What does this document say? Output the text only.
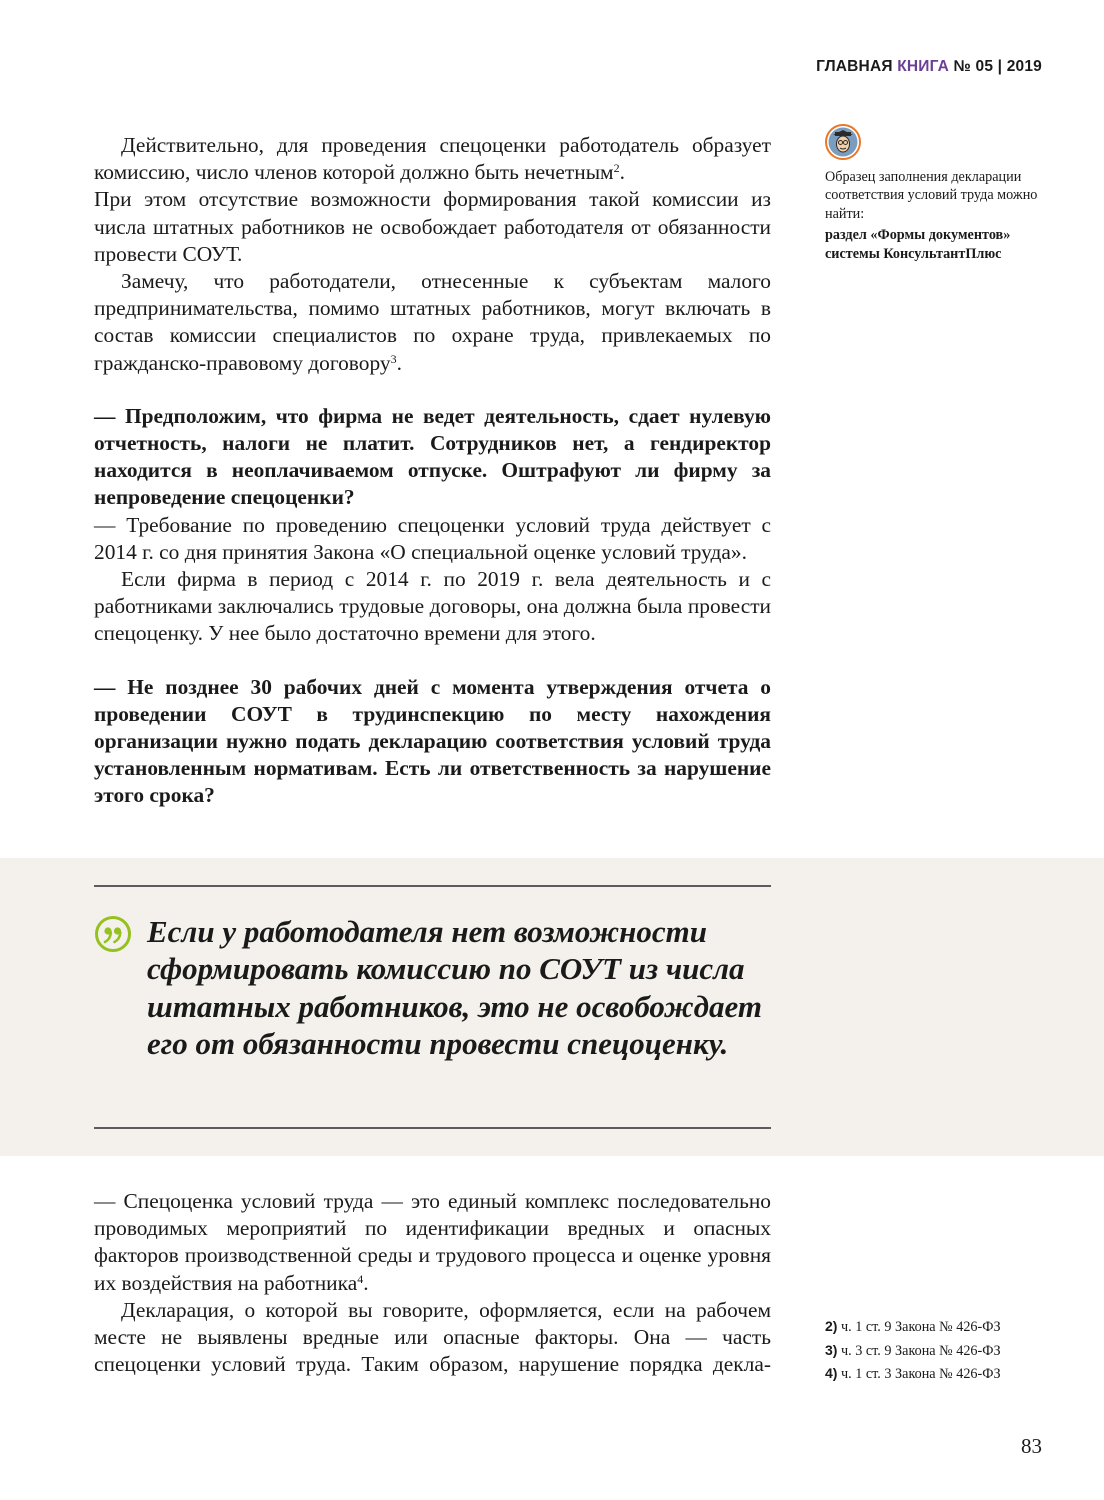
ГЛАВНАЯ КНИГА № 05 | 2019

Действительно, для проведения спецоценки работодатель образует комиссию, число членов которой должно быть нечетным$^2$.

При этом отсутствие возможности формирования такой комиссии из числа штатных работников не освобождает работодателя от обязанности провести СОУТ.

Замечу, что работодатели, отнесенные к субъектам малого предпринимательства, помимо штатных работников, могут включать в состав комиссии специалистов по охране труда, привлекаемых по гражданско-правовому договору$^3$.

— Предположим, что фирма не ведет деятельность, сдает нулевую отчетность, налоги не платит. Сотрудников нет, а гендиректор находится в неоплачиваемом отпуске. Оштрафуют ли фирму за непроведение спецоценки?

— Требование по проведению спецоценки условий труда действует с 2014 г. со дня принятия Закона «О специальной оценке условий труда».

Если фирма в период с 2014 г. по 2019 г. вела деятельность и с работниками заключались трудовые договоры, она должна была провести спецоценку. У нее было достаточно времени для этого.

— Не позднее 30 рабочих дней с момента утверждения отчета о проведении СОУТ в трудинспекцию по месту нахождения организации нужно подать декларацию соответствия условий труда установленным нормативам. Есть ли ответственность за нарушение этого срока?

Образец заполнения декларации соответствия условий труда можно найти:
раздел «Формы документов» системы КонсультантПлюс
Если у работодателя нет возможности сформировать комиссию по СОУТ из числа штатных работников, это не освобождает его от обязанности провести спецоценку.

— Спецоценка условий труда — это единый комплекс последовательно проводимых мероприятий по идентификации вредных и опасных факторов производственной среды и трудового процесса и оценке уровня их воздействия на работника$^4$.

Декларация, о которой вы говорите, оформляется, если на рабочем месте не выявлены вредные или опасные факторы. Она — часть спецоценки условий труда. Таким образом, нарушение порядка декла-

2) ч. 1 ст. 9 Закона № 426-ФЗ
3) ч. 3 ст. 9 Закона № 426-ФЗ
4) ч. 1 ст. 3 Закона № 426-ФЗ
83
